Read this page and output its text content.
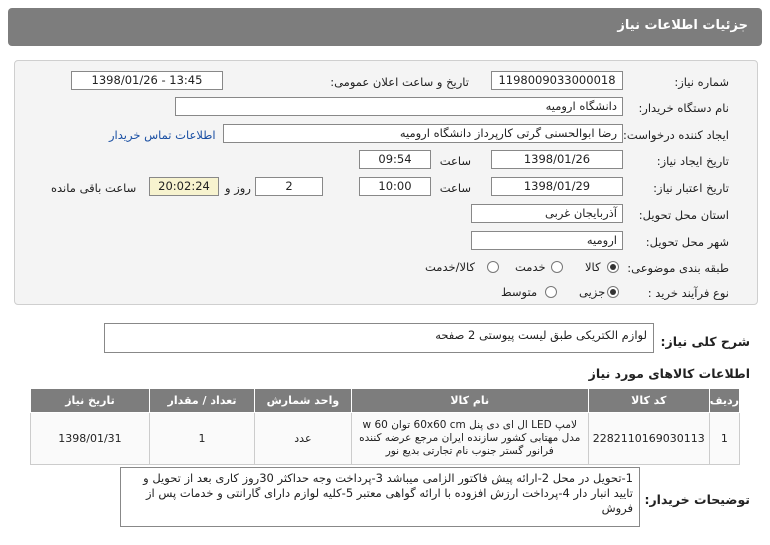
جزئیات اطلاعات نیاز
شماره نیاز:
1198009033000018
تاریخ و ساعت اعلان عمومی:
1398/01/26 - 13:45
نام دستگاه خریدار:
دانشگاه ارومیه
ایجاد کننده درخواست:
رضا ابوالحسنی گرتی کارپرداز دانشگاه ارومیه
اطلاعات تماس خریدار
تاریخ ایجاد نیاز:
1398/01/26
ساعت
09:54
تاریخ اعتبار نیاز:
1398/01/29
ساعت
10:00
2
روز و
20:02:24
ساعت باقی مانده
استان محل تحویل:
آذربایجان غربی
شهر محل تحویل:
ارومیه
طبقه بندی موضوعی:
کالا
خدمت
کالا/خدمت
نوع فرآیند خرید :
جزیی
متوسط
شرح کلی نیاز:
لوازم الکتریکی طبق لیست پیوستی 2 صفحه
اطلاعات کالاهای مورد نیاز
ردیف	کد کالا	نام کالا	واحد شمارش	تعداد / مقدار	تاریخ نیاز
1	2282110169030113	لامپ LED ال ای دی پنل 60x60 cm توان 60 w مدل مهتابی کشور سازنده ایران مرجع عرضه کننده فرانور گستر جنوب نام تجارتی بدیع نور	عدد	1	1398/01/31
توضیحات خریدار:
1-تحویل در محل 2-ارائه پیش فاکتور الزامی میباشد 3-پرداخت وجه حداکثر 30روز کاری بعد از تحویل و تایید انبار دار 4-پرداخت ارزش افزوده با ارائه گواهی معتبر 5-کلیه لوازم دارای گارانتی و خدمات پس از فروش
